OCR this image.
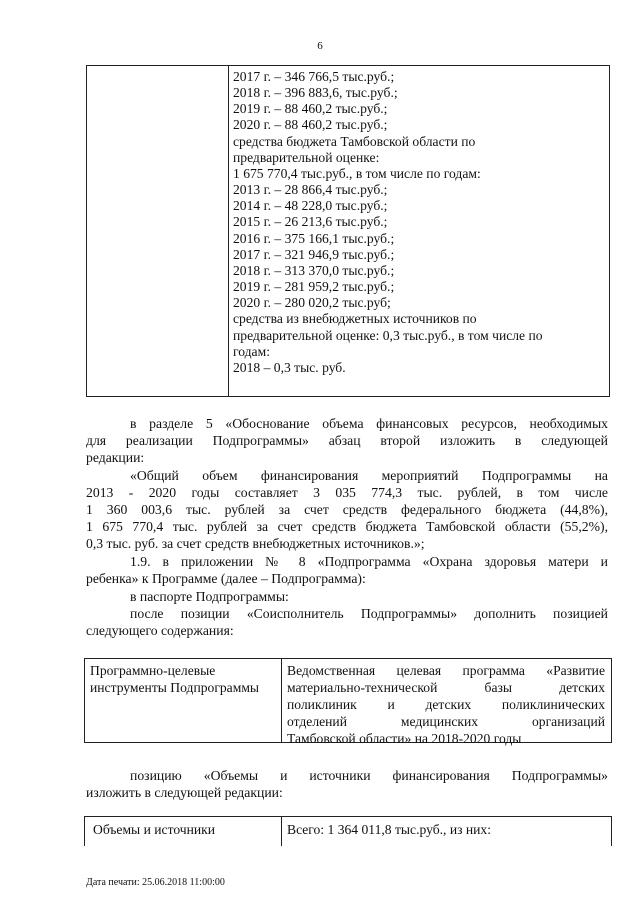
6
2017 г. – 346 766,5 тыс.руб.;
2018 г. – 396 883,6, тыс.руб.;
2019 г. – 88 460,2 тыс.руб.;
2020 г. – 88 460,2 тыс.руб.;
средства бюджета Тамбовской области по
предварительной оценке:
1 675 770,4 тыс.руб., в том числе по годам:
2013 г. – 28 866,4 тыс.руб.;
2014 г. – 48 228,0 тыс.руб.;
2015 г. – 26 213,6 тыс.руб.;
2016 г. – 375 166,1 тыс.руб.;
2017 г. – 321 946,9 тыс.руб.;
2018 г. – 313 370,0 тыс.руб.;
2019 г. – 281 959,2 тыс.руб.;
2020 г. – 280 020,2 тыс.руб;
средства из внебюджетных источников по
предварительной оценке: 0,3 тыс.руб., в том числе по
годам:
2018 – 0,3 тыс. руб.
в разделе 5 «Обоснование объема финансовых ресурсов, необходимых
для реализации Подпрограммы» абзац второй изложить в следующей
редакции:
«Общий объем финансирования мероприятий Подпрограммы на
2013 - 2020 годы составляет 3 035 774,3 тыс. рублей, в том числе
1 360 003,6 тыс. рублей за счет средств федерального бюджета (44,8%),
1 675 770,4 тыс. рублей за счет средств бюджета Тамбовской области (55,2%),
0,3 тыс. руб. за счет средств внебюджетных источников.»;
1.9. в приложении № 8 «Подпрограмма «Охрана здоровья матери и
ребенка» к Программе (далее – Подпрограмма):
в паспорте Подпрограммы:
после позиции «Соисполнитель Подпрограммы» дополнить позицией
следующего содержания:
Программно-целевые
инструменты Подпрограммы
Ведомственная целевая программа «Развитие
материально-технической базы детских
поликлиник и детских поликлинических
отделений медицинских организаций
Тамбовской области» на 2018-2020 годы
позицию «Объемы и источники финансирования Подпрограммы»
изложить в следующей редакции:
Объемы и источники	Всего: 1 364 011,8 тыс.руб., из них:
Дата печати: 25.06.2018 11:00:00
